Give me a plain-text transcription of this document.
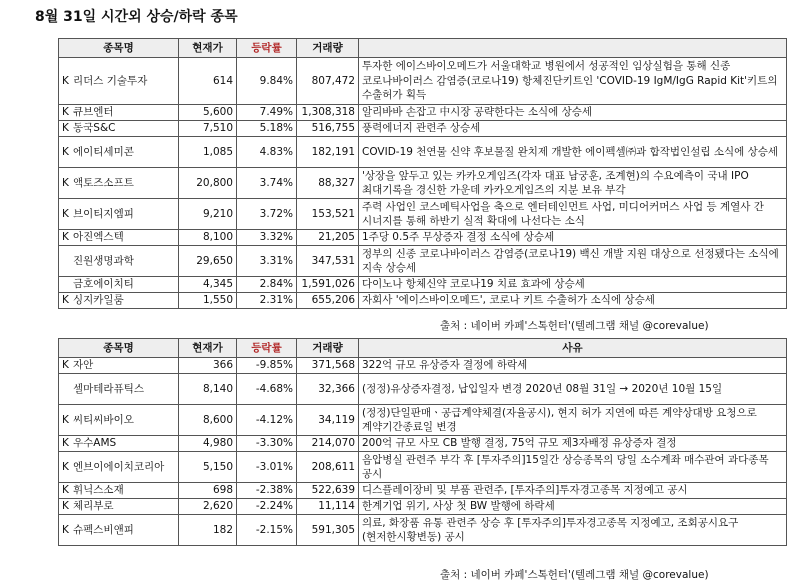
8월 31일 시간외 상승/하락 종목
종목명	현재가	등락률	거래량	
K 리더스 기술투자	614	9.84%	807,472	투자한 에이스바이오메드가 서울대학교 병원에서 성공적인 임상실험을 통해 신종 코로나바이러스 감염증(코로나19) 항체진단키트인 'COVID-19 IgM/IgG Rapid Kit'키트의 수출허가 획득
K 큐브엔터	5,600	7.49%	1,308,318	알리바바 손잡고 中시장 공략한다는 소식에 상승세
K 동국S&C	7,510	5.18%	516,755	풍력에너지 관련주 상승세
K 에이티세미콘	1,085	4.83%	182,191	COVID-19 천연물 신약 후보물질 완치제 개발한 에이펙셀㈜과 합작법인설립 소식에 상승세
K 액토즈소프트	20,800	3.74%	88,327	'상장을 앞두고 있는 카카오게임즈(각자 대표 남궁훈, 조계현)의 수요예측이 국내 IPO 최대기록을 경신한 가운데 카카오게임즈의 지분 보유 부각
K 브이티지엠피	9,210	3.72%	153,521	주력 사업인 코스메틱사업을 축으로 엔터테인먼트 사업, 미디어커머스 사업 등 계열사 간 시너지를 통해 하반기 실적 확대에 나선다는 소식
K 아진엑스텍	8,100	3.32%	21,205	1주당 0.5주 무상증자 결정 소식에 상승세
진원생명과학	29,650	3.31%	347,531	정부의 신종 코로나바이러스 감염증(코로나19) 백신 개발 지원 대상으로 선정됐다는 소식에 지속 상승세
금호에이치티	4,345	2.84%	1,591,026	다이노나 항체신약 코로나19 치료 효과에 상승세
K 싱지카일룸	1,550	2.31%	655,206	자회사 '에이스바이오메드', 코로나 키트 수출허가 소식에 상승세
출처 : 네이버 카페'스톡헌터'(텔레그램 채널 @corevalue)
종목명	현재가	등락률	거래량	사유
K 자안	366	-9.85%	371,568	322억 규모 유상증자 결정에 하락세
셀마테라퓨틱스	8,140	-4.68%	32,366	(정정)유상증자결정, 납입일자 변경 2020년 08월 31일 → 2020년 10월 15일
K 씨티씨바이오	8,600	-4.12%	34,119	(정정)단일판매ㆍ공급계약체결(자율공시), 현지 허가 지연에 따른 계약상대방 요청으로 계약기간종료일 변경
K 우수AMS	4,980	-3.30%	214,070	200억 규모 사모 CB 발행 결정, 75억 규모 제3자배정 유상증자 결정
K 엔브이에이치코리아	5,150	-3.01%	208,611	음압병실 관련주 부각 후 [투자주의]15일간 상승종목의 당일 소수계좌 매수관여 과다종목 공시
K 휘닉스소재	698	-2.38%	522,639	디스플레이장비 및 부품 관련주, [투자주의]투자경고종목 지정예고 공시
K 체리부로	2,620	-2.24%	11,114	한계기업 위기, 사상 첫 BW 발행에 하락세
K 슈펙스비앤피	182	-2.15%	591,305	의료, 화장품 유통 관련주 상승 후 [투자주의]투자경고종목 지정예고, 조회공시요구(현저한시황변동) 공시
출처 : 네이버 카페'스톡헌터'(텔레그램 채널 @corevalue)
